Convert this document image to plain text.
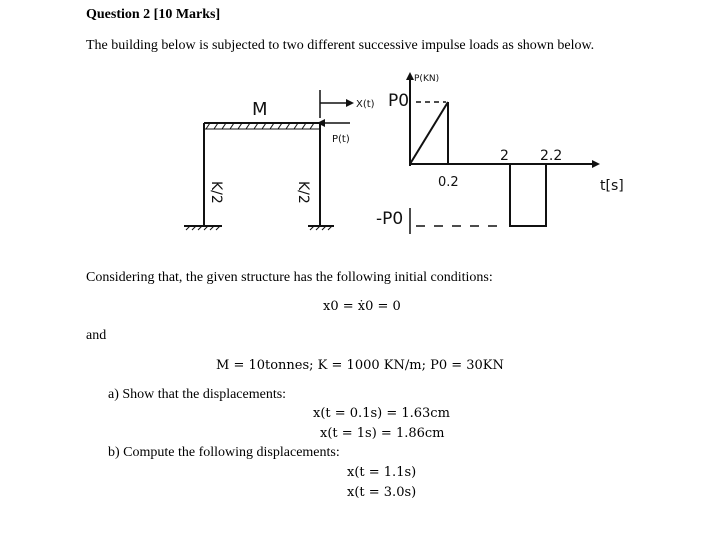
Question 2 [10 Marks]
The building below is subjected to two different successive impulse loads as shown below.
M	X(t)
P(t)
K/2	K/2
P(KN)
P0
-P0
0.2
2 2.2
t[s]
Considering that, the given structure has the following initial conditions:
x0 = ẋ0 = 0
and
M = 10tonnes; K = 1000 KN/m; P0 = 30KN
a) Show that the displacements:
x(t = 0.1s) = 1.63cm
x(t = 1s) = 1.86cm
b) Compute the following displacements:
x(t = 1.1s)
x(t = 3.0s)
